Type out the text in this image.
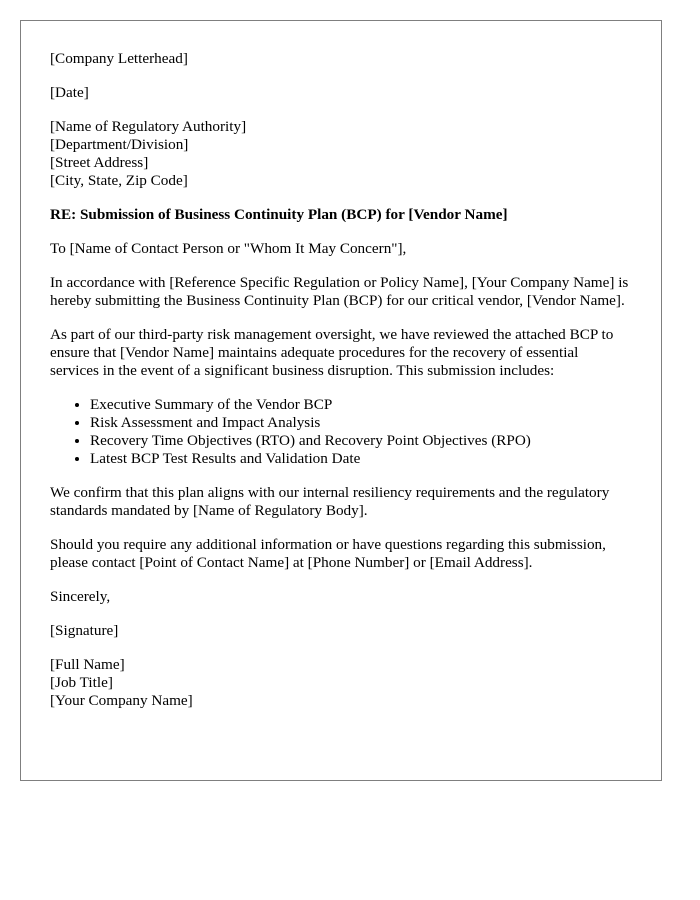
[Company Letterhead]
[Date]
[Name of Regulatory Authority]
[Department/Division]
[Street Address]
[City, State, Zip Code]
RE: Submission of Business Continuity Plan (BCP) for [Vendor Name]
To [Name of Contact Person or "Whom It May Concern"],
In accordance with [Reference Specific Regulation or Policy Name], [Your Company Name] is hereby submitting the Business Continuity Plan (BCP) for our critical vendor, [Vendor Name].
As part of our third-party risk management oversight, we have reviewed the attached BCP to ensure that [Vendor Name] maintains adequate procedures for the recovery of essential services in the event of a significant business disruption. This submission includes:
• Executive Summary of the Vendor BCP
• Risk Assessment and Impact Analysis
• Recovery Time Objectives (RTO) and Recovery Point Objectives (RPO)
• Latest BCP Test Results and Validation Date
We confirm that this plan aligns with our internal resiliency requirements and the regulatory standards mandated by [Name of Regulatory Body].
Should you require any additional information or have questions regarding this submission, please contact [Point of Contact Name] at [Phone Number] or [Email Address].
Sincerely,
[Signature]
[Full Name]
[Job Title]
[Your Company Name]
